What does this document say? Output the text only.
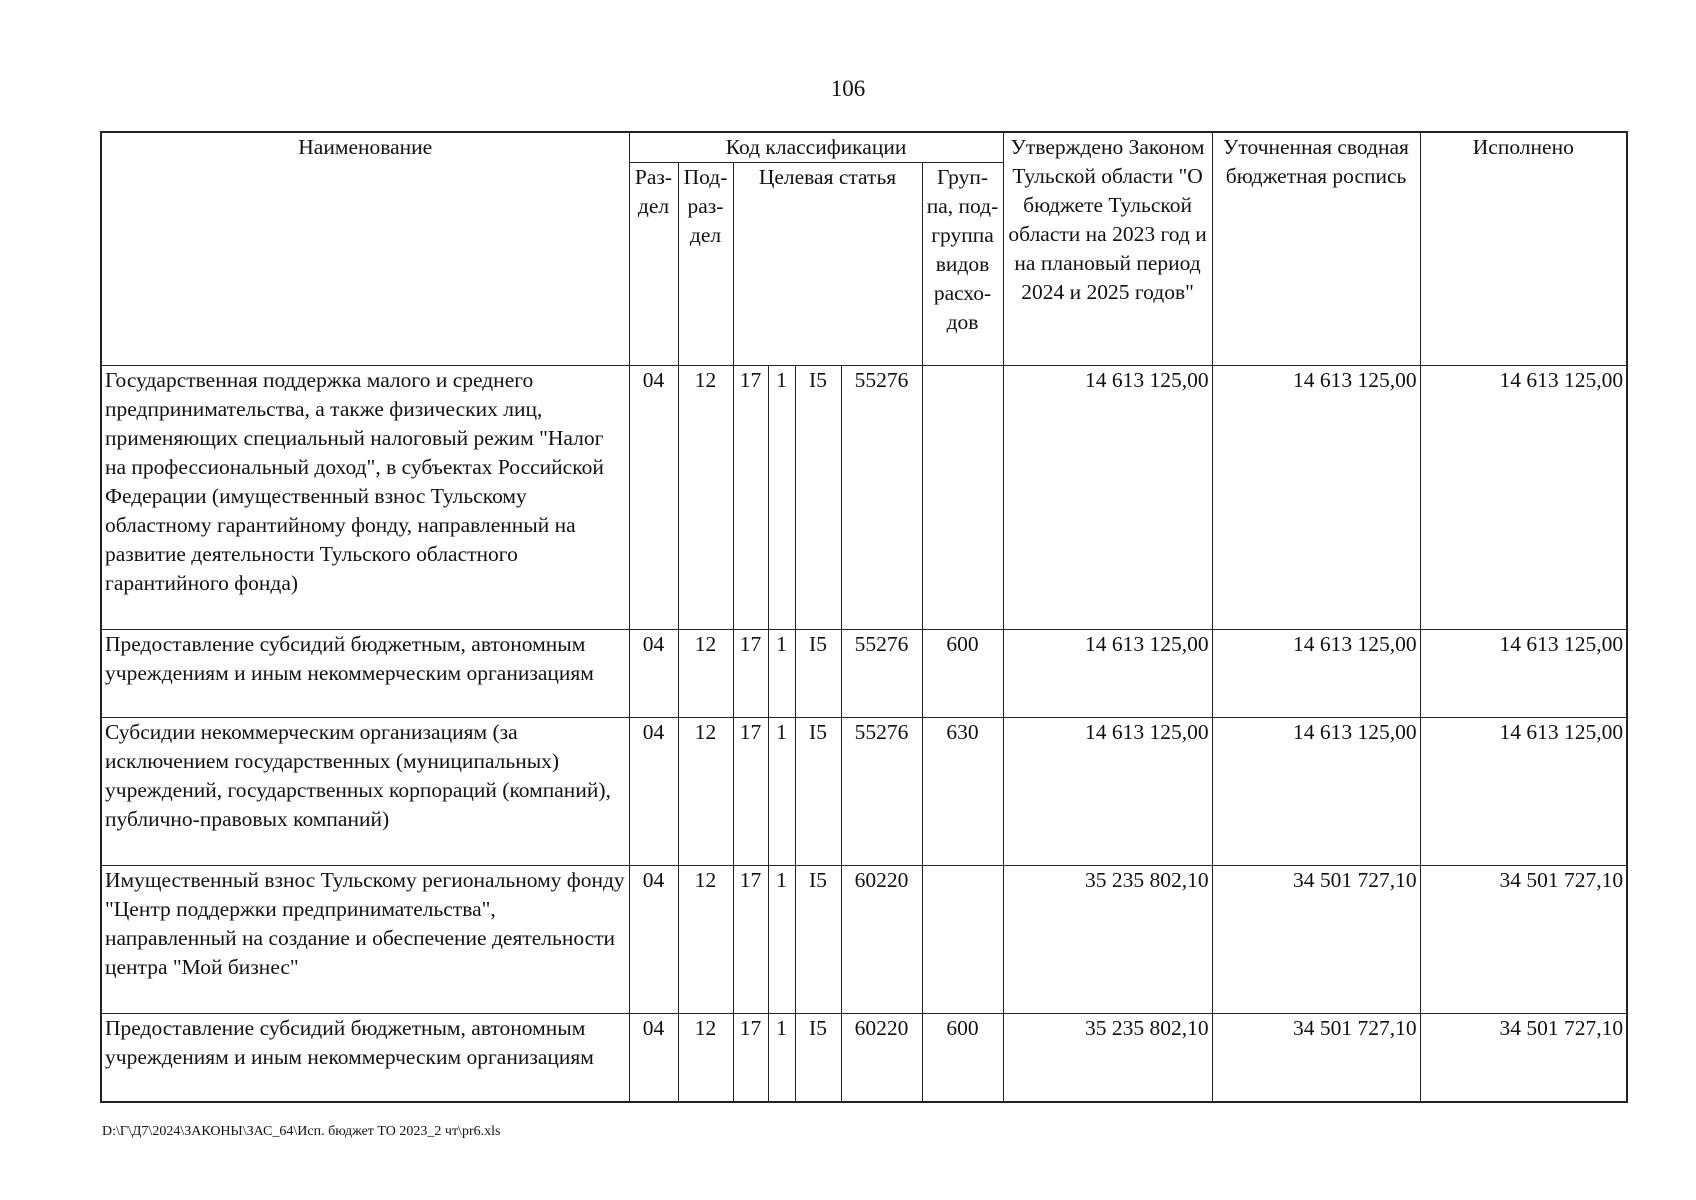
106
Наименование	Код классификации							Утверждено Законом Тульской области "О бюджете Тульской области на 2023 год и на плановый период 2024 и 2025 годов"	Уточненная сводная бюджетная роспись	Исполнено
	Раз-дел	Под-раз-дел	Целевая статья				Груп-па, под-группа видов расхо-дов			
Государственная поддержка малого и среднего предпринимательства, а также физических лиц, применяющих специальный налоговый режим "Налог на профессиональный доход", в субъектах Российской Федерации (имущественный взнос Тульскому областному гарантийному фонду, направленный на развитие деятельности Тульского областного гарантийного фонда)	04	12	17	1	I5	55276		14 613 125,00	14 613 125,00	14 613 125,00
Предоставление субсидий бюджетным, автономным учреждениям и иным некоммерческим организациям	04	12	17	1	I5	55276	600	14 613 125,00	14 613 125,00	14 613 125,00
Субсидии некоммерческим организациям (за исключением государственных (муниципальных) учреждений, государственных корпораций (компаний), публично-правовых компаний)	04	12	17	1	I5	55276	630	14 613 125,00	14 613 125,00	14 613 125,00
Имущественный взнос Тульскому региональному фонду "Центр поддержки предпринимательства", направленный на создание и обеспечение деятельности центра "Мой бизнес"	04	12	17	1	I5	60220		35 235 802,10	34 501 727,10	34 501 727,10
Предоставление субсидий бюджетным, автономным учреждениям и иным некоммерческим организациям	04	12	17	1	I5	60220	600	35 235 802,10	34 501 727,10	34 501 727,10
D:\Г\Д7\2024\ЗАКОНЫ\ЗАС_64\Исп. бюджет ТО 2023_2 чт\pr6.xls
